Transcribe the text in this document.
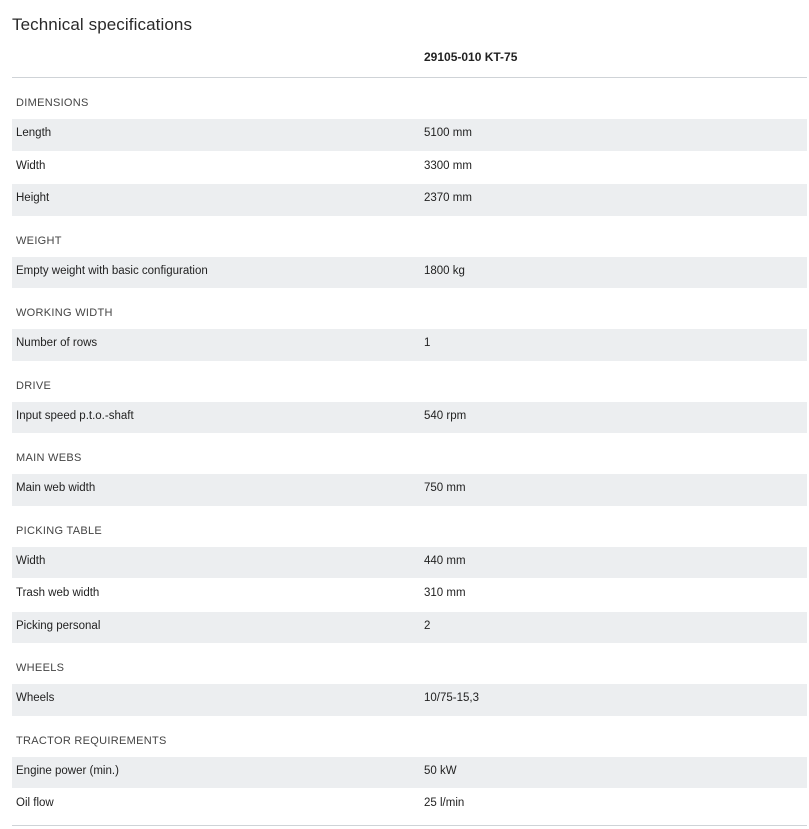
Technical specifications
29105-010 KT-75
DIMENSIONS
Length	5100 mm
Width	3300 mm
Height	2370 mm
WEIGHT
Empty weight with basic configuration	1800 kg
WORKING WIDTH
Number of rows	1
DRIVE
Input speed p.t.o.-shaft	540 rpm
MAIN WEBS
Main web width	750 mm
PICKING TABLE
Width	440 mm
Trash web width	310 mm
Picking personal	2
WHEELS
Wheels	10/75-15,3
TRACTOR REQUIREMENTS
Engine power (min.)	50 kW
Oil flow	25 l/min
